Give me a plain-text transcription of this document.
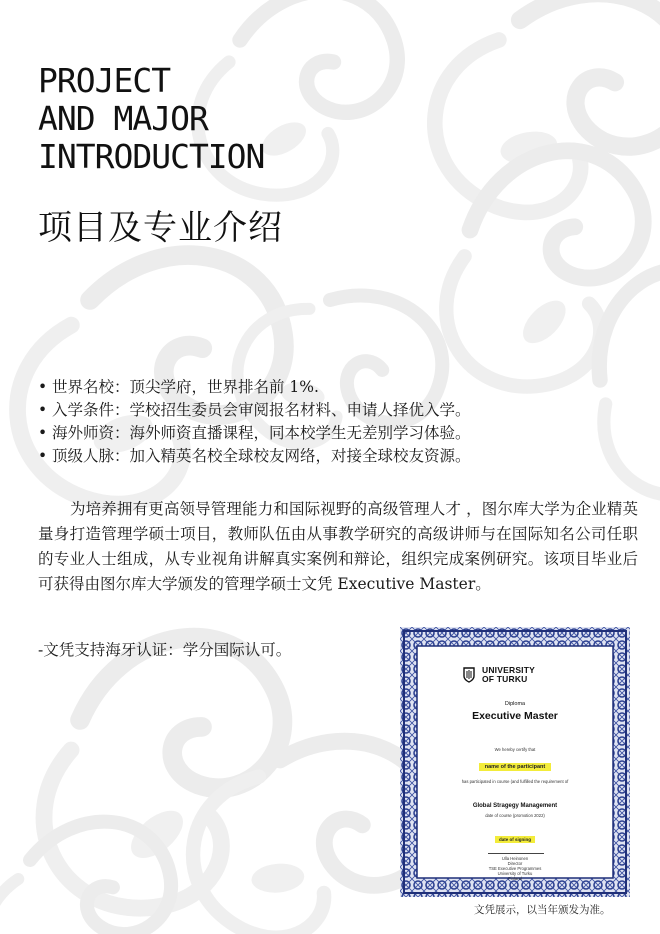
PROJECT
AND MAJOR
INTRODUCTION
项目及专业介绍
• 世界名校：顶尖学府，世界排名前 1%.
• 入学条件：学校招生委员会审阅报名材料、申请人择优入学。
• 海外师资：海外师资直播课程，同本校学生无差别学习体验。
• 顶级人脉：加入精英名校全球校友网络，对接全球校友资源。

为培养拥有更高领导管理能力和国际视野的高级管理人才 ，图尔库大学为企业精英量身打造管理学硕士项目，教师队伍由从事教学研究的高级讲师与在国际知名公司任职的专业人士组成，从专业视角讲解真实案例和辩论，组织完成案例研究。该项目毕业后可获得由图尔库大学颁发的管理学硕士文凭 Executive Master。

-文凭支持海牙认证：学分国际认可。

UNIVERSITY
OF TURKU
Diploma
Executive Master
We hereby certify that
name of the participant
has participated in course (and fulfilled the requirement of
Global Stragegy Management
date of course (promotion 2022)
date of signing
Ulla Heinonen
Director
TSE Executive Programmes
University of Turku
Finland

文凭展示，以当年颁发为准。
